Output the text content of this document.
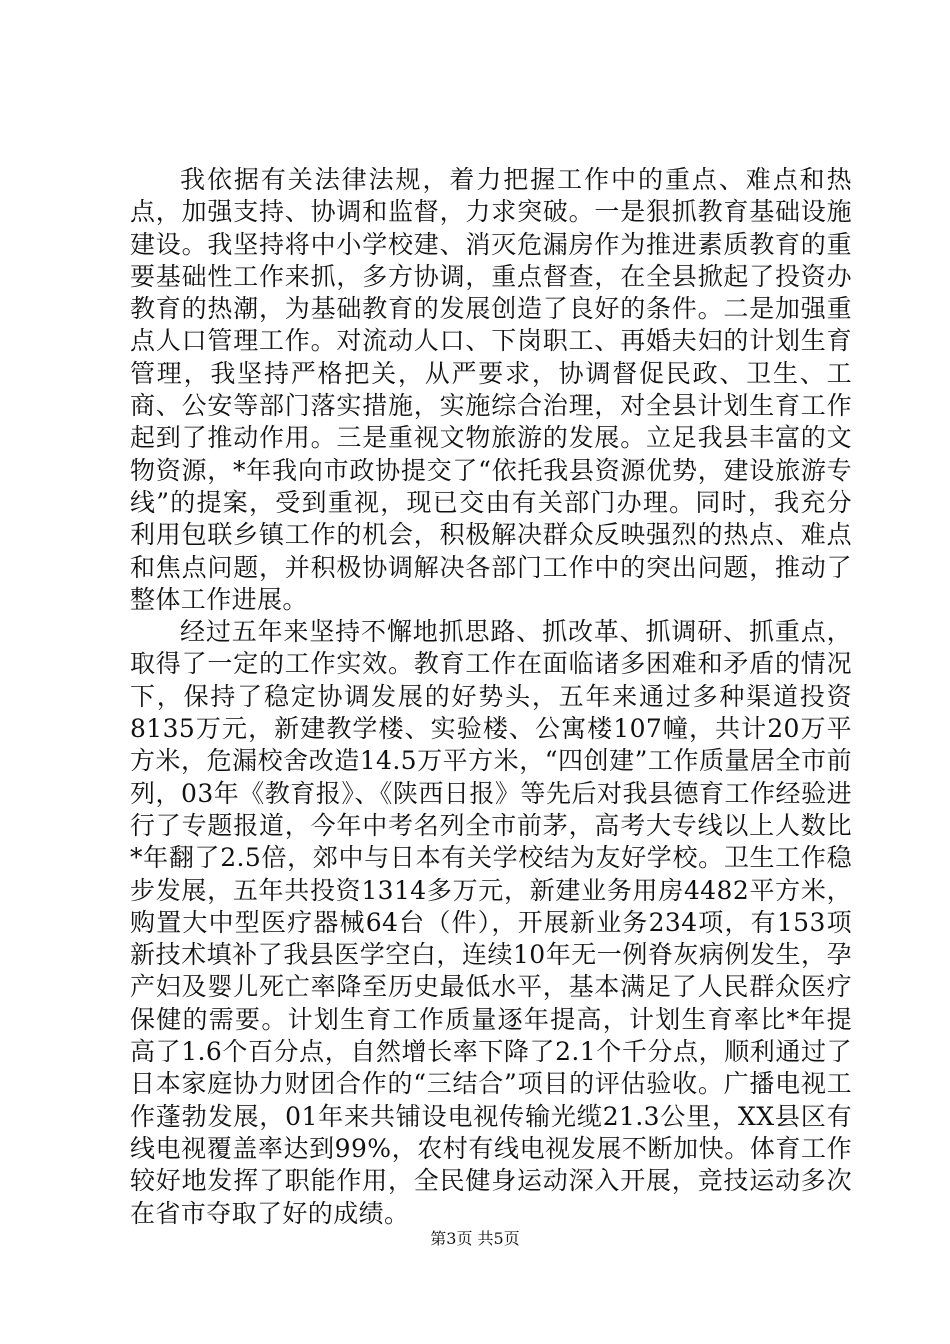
我依据有关法律法规，着力把握工作中的重点、难点和热点，加强支持、协调和监督，力求突破。一是狠抓教育基础设施建设。我坚持将中小学校建、消灭危漏房作为推进素质教育的重要基础性工作来抓，多方协调，重点督查，在全县掀起了投资办教育的热潮，为基础教育的发展创造了良好的条件。二是加强重点人口管理工作。对流动人口、下岗职工、再婚夫妇的计划生育管理，我坚持严格把关，从严要求，协调督促民政、卫生、工商、公安等部门落实措施，实施综合治理，对全县计划生育工作起到了推动作用。三是重视文物旅游的发展。立足我县丰富的文物资源，*年我向市政协提交了“依托我县资源优势，建设旅游专线”的提案，受到重视，现已交由有关部门办理。同时，我充分利用包联乡镇工作的机会，积极解决群众反映强烈的热点、难点和焦点问题，并积极协调解决各部门工作中的突出问题，推动了整体工作进展。

经过五年来坚持不懈地抓思路、抓改革、抓调研、抓重点，取得了一定的工作实效。教育工作在面临诸多困难和矛盾的情况下，保持了稳定协调发展的好势头，五年来通过多种渠道投资8135万元，新建教学楼、实验楼、公寓楼107幢，共计20万平方米，危漏校舍改造14.5万平方米，“四创建”工作质量居全市前列，03年《教育报》、《陕西日报》等先后对我县德育工作经验进行了专题报道，今年中考名列全市前茅，高考大专线以上人数比*年翻了2.5倍，郊中与日本有关学校结为友好学校。卫生工作稳步发展，五年共投资1314多万元，新建业务用房4482平方米，购置大中型医疗器械64台（件），开展新业务234项，有153项新技术填补了我县医学空白，连续10年无一例脊灰病例发生，孕产妇及婴儿死亡率降至历史最低水平，基本满足了人民群众医疗保健的需要。计划生育工作质量逐年提高，计划生育率比*年提高了1.6个百分点，自然增长率下降了2.1个千分点，顺利通过了日本家庭协力财团合作的“三结合”项目的评估验收。广播电视工作蓬勃发展，01年来共铺设电视传输光缆21.3公里，XX县区有线电视覆盖率达到99%，农村有线电视发展不断加快。体育工作较好地发挥了职能作用，全民健身运动深入开展，竞技运动多次在省市夺取了好的成绩。

第3页 共5页
